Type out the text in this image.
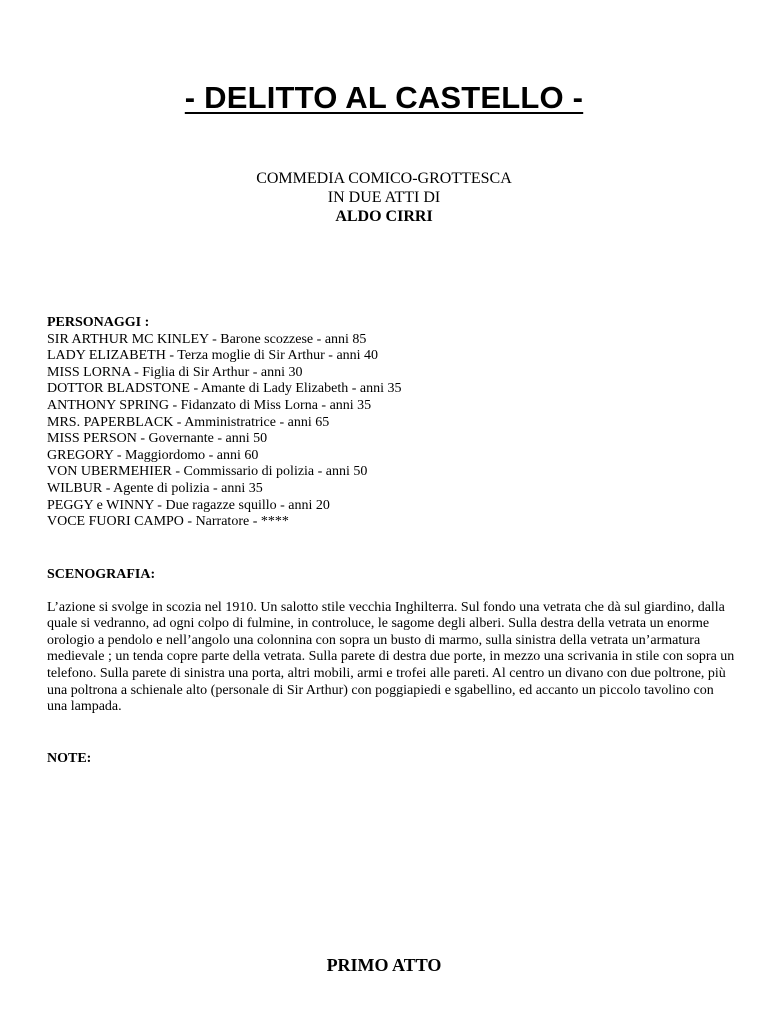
- DELITTO AL CASTELLO -
COMMEDIA COMICO-GROTTESCA
IN DUE ATTI DI
ALDO CIRRI
PERSONAGGI :
SIR ARTHUR MC KINLEY - Barone scozzese - anni 85
LADY ELIZABETH - Terza moglie di Sir Arthur - anni 40
MISS LORNA - Figlia di Sir Arthur - anni 30
DOTTOR BLADSTONE - Amante di Lady Elizabeth - anni 35
ANTHONY SPRING - Fidanzato di Miss Lorna - anni 35
MRS. PAPERBLACK - Amministratrice - anni 65
MISS PERSON - Governante - anni 50
GREGORY - Maggiordomo - anni 60
VON UBERMEHIER - Commissario di polizia - anni 50
WILBUR - Agente di polizia - anni 35
PEGGY e WINNY - Due ragazze squillo - anni 20
VOCE FUORI CAMPO - Narratore - ****
SCENOGRAFIA:

L’azione si svolge in scozia nel 1910. Un salotto stile vecchia Inghilterra. Sul fondo una vetrata che dà sul giardino, dalla quale si vedranno, ad ogni colpo di fulmine, in controluce, le sagome degli alberi. Sulla destra della vetrata un enorme orologio a pendolo e nell’angolo una colonnina con sopra un busto di marmo, sulla sinistra della vetrata un’armatura medievale ; un tenda copre parte della vetrata. Sulla parete di destra due porte, in mezzo una scrivania in stile con sopra un telefono. Sulla parete di sinistra una porta, altri mobili, armi e trofei alle pareti. Al centro un divano con due poltrone, più una poltrona a schienale alto (personale di Sir Arthur) con poggiapiedi e sgabellino, ed accanto un piccolo tavolino con una lampada.

NOTE:
PRIMO ATTO
